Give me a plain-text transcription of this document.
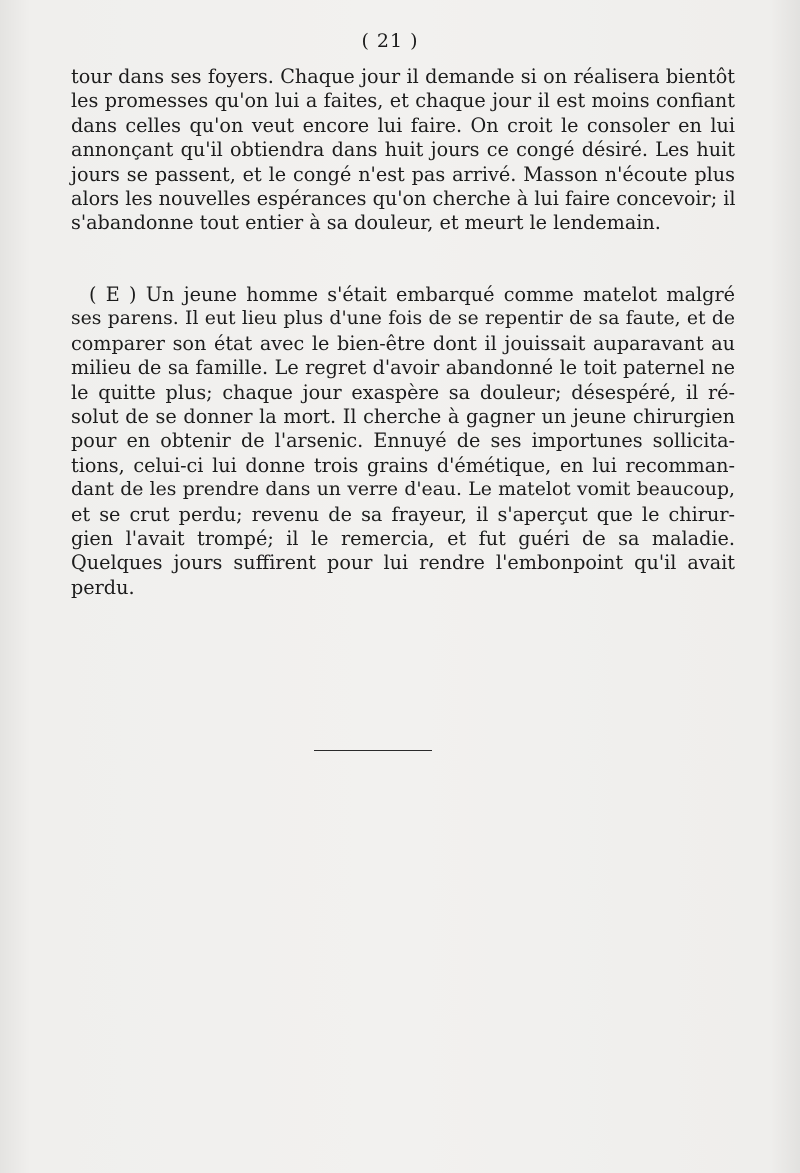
( 21 )
tour dans ses foyers. Chaque jour il demande si on réalisera bientôt
les promesses qu'on lui a faites, et chaque jour il est moins confiant
dans celles qu'on veut encore lui faire. On croit le consoler en lui
annonçant qu'il obtiendra dans huit jours ce congé désiré. Les huit
jours se passent, et le congé n'est pas arrivé. Masson n'écoute plus
alors les nouvelles espérances qu'on cherche à lui faire concevoir; il
s'abandonne tout entier à sa douleur, et meurt le lendemain.
( E ) Un jeune homme s'était embarqué comme matelot malgré
ses parens. Il eut lieu plus d'une fois de se repentir de sa faute, et de
comparer son état avec le bien-être dont il jouissait auparavant au
milieu de sa famille. Le regret d'avoir abandonné le toit paternel ne
le quitte plus; chaque jour exaspère sa douleur; désespéré, il ré-
solut de se donner la mort. Il cherche à gagner un jeune chirurgien
pour en obtenir de l'arsenic. Ennuyé de ses importunes sollicita-
tions, celui-ci lui donne trois grains d'émétique, en lui recomman-
dant de les prendre dans un verre d'eau. Le matelot vomit beaucoup,
et se crut perdu; revenu de sa frayeur, il s'aperçut que le chirur-
gien l'avait trompé; il le remercia, et fut guéri de sa maladie.
Quelques jours suffirent pour lui rendre l'embonpoint qu'il avait
perdu.
